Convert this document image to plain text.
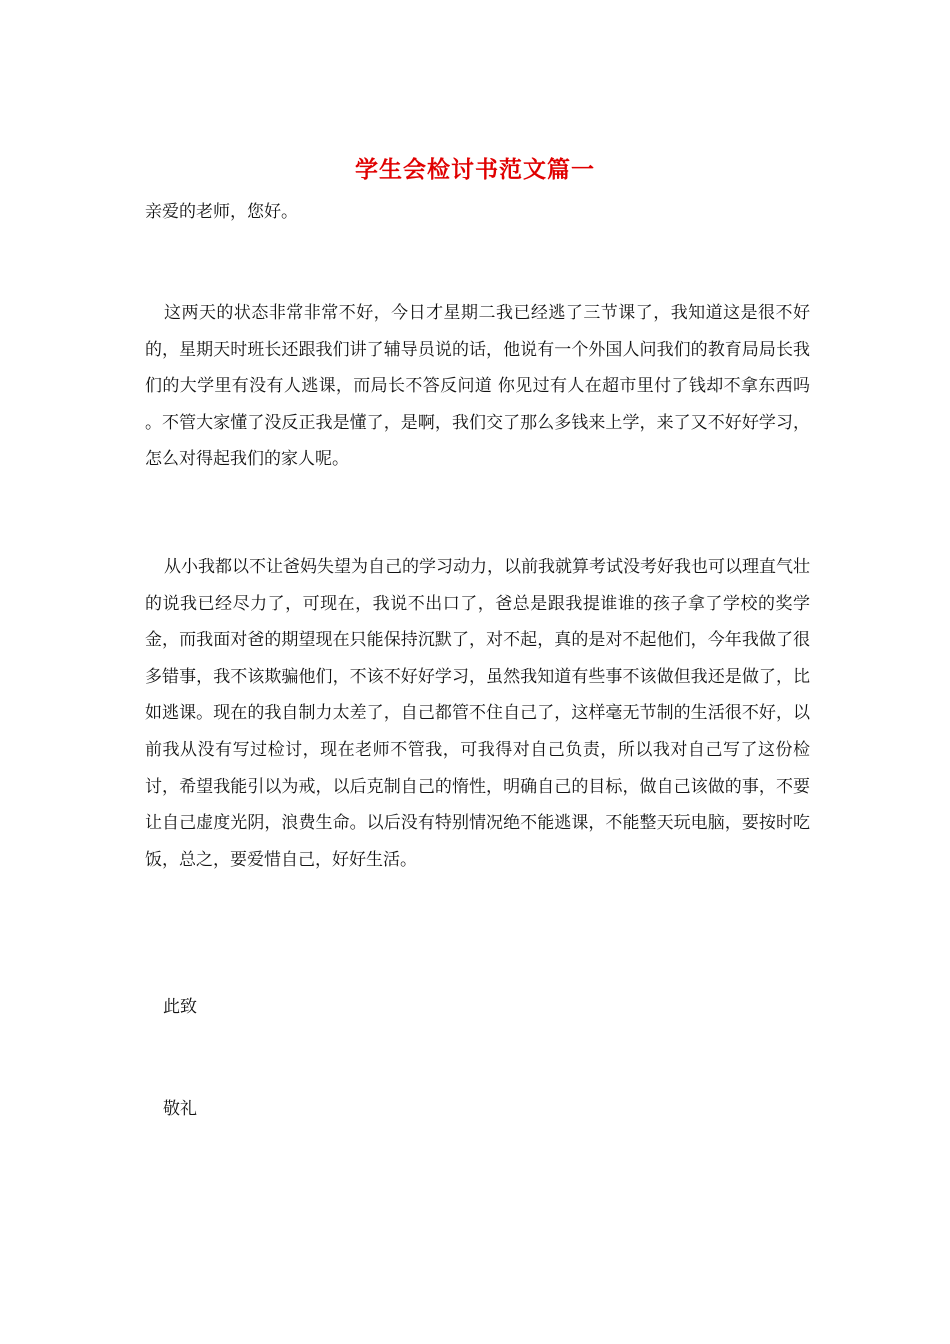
学生会检讨书范文篇一
亲爱的老师，您好。

这两天的状态非常非常不好，今日才星期二我已经逃了三节课了，我知道这是很不好的，星期天时班长还跟我们讲了辅导员说的话，他说有一个外国人问我们的教育局局长我们的大学里有没有人逃课，而局长不答反问道 你见过有人在超市里付了钱却不拿东西吗 。不管大家懂了没反正我是懂了，是啊，我们交了那么多钱来上学，来了又不好好学习，怎么对得起我们的家人呢。

从小我都以不让爸妈失望为自己的学习动力，以前我就算考试没考好我也可以理直气壮的说我已经尽力了，可现在，我说不出口了，爸总是跟我提谁谁的孩子拿了学校的奖学金，而我面对爸的期望现在只能保持沉默了，对不起，真的是对不起他们，今年我做了很多错事，我不该欺骗他们，不该不好好学习，虽然我知道有些事不该做但我还是做了，比如逃课。现在的我自制力太差了，自己都管不住自己了，这样毫无节制的生活很不好，以前我从没有写过检讨，现在老师不管我，可我得对自己负责，所以我对自己写了这份检讨，希望我能引以为戒，以后克制自己的惰性，明确自己的目标，做自己该做的事，不要让自己虚度光阴，浪费生命。以后没有特别情况绝不能逃课，不能整天玩电脑，要按时吃饭，总之，要爱惜自己，好好生活。

此致
敬礼
